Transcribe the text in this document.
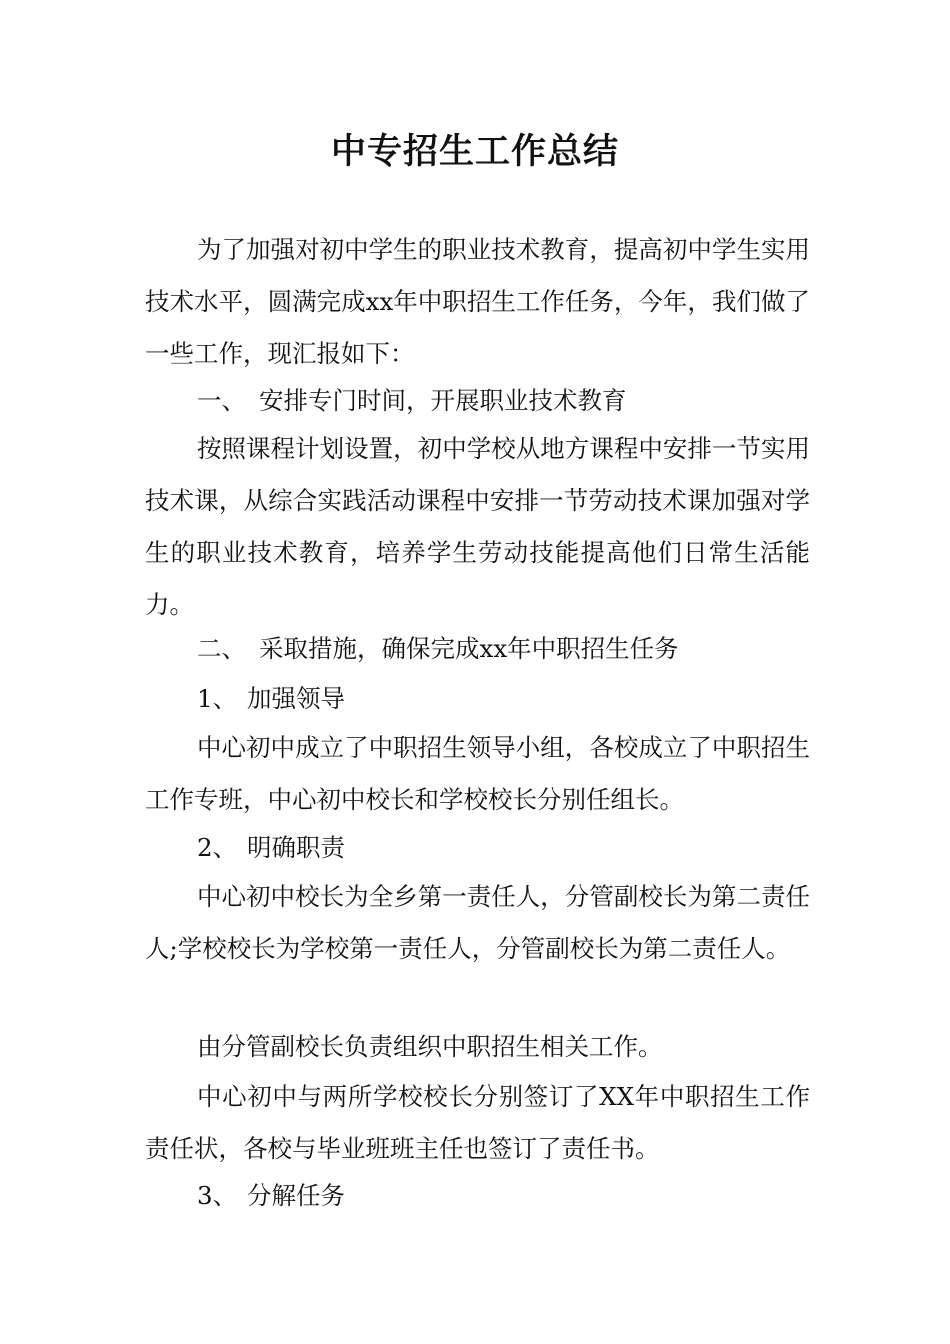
中专招生工作总结

为了加强对初中学生的职业技术教育，提高初中学生实用技术水平，圆满完成xx年中职招生工作任务，今年，我们做了一些工作，现汇报如下：

一、 安排专门时间，开展职业技术教育

按照课程计划设置，初中学校从地方课程中安排一节实用技术课，从综合实践活动课程中安排一节劳动技术课加强对学生的职业技术教育，培养学生劳动技能提高他们日常生活能力。

二、 采取措施，确保完成xx年中职招生任务
1、 加强领导

中心初中成立了中职招生领导小组，各校成立了中职招生工作专班，中心初中校长和学校校长分别任组长。

2、 明确职责

中心初中校长为全乡第一责任人，分管副校长为第二责任人;学校校长为学校第一责任人，分管副校长为第二责任人。

由分管副校长负责组织中职招生相关工作。

中心初中与两所学校校长分别签订了XX年中职招生工作责任状，各校与毕业班班主任也签订了责任书。

3、 分解任务
